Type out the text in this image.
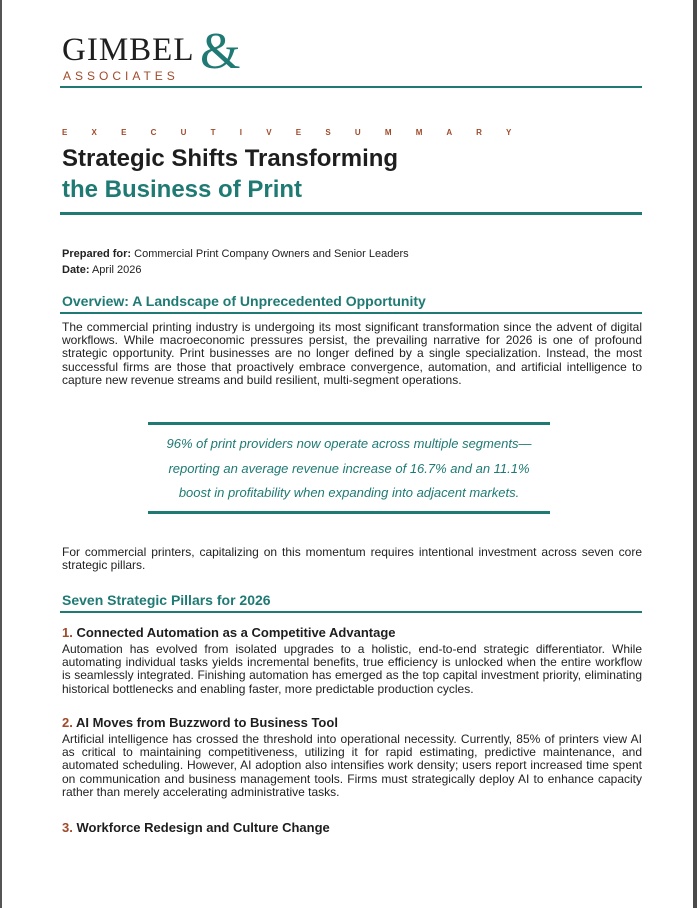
GIMBEL &
ASSOCIATES
E X E C U T I V E S U M M A R Y
Strategic Shifts Transforming
the Business of Print
Prepared for: Commercial Print Company Owners and Senior Leaders
Date: April 2026
Overview: A Landscape of Unprecedented Opportunity

The commercial printing industry is undergoing its most significant transformation since the advent of digital workflows. While macroeconomic pressures persist, the prevailing narrative for 2026 is one of profound strategic opportunity. Print businesses are no longer defined by a single specialization. Instead, the most successful firms are those that proactively embrace convergence, automation, and artificial intelligence to capture new revenue streams and build resilient, multi-segment operations.

96% of print providers now operate across multiple segments—
reporting an average revenue increase of 16.7% and an 11.1%
boost in profitability when expanding into adjacent markets.

For commercial printers, capitalizing on this momentum requires intentional investment across seven core strategic pillars.

Seven Strategic Pillars for 2026
1. Connected Automation as a Competitive Advantage

Automation has evolved from isolated upgrades to a holistic, end-to-end strategic differentiator. While automating individual tasks yields incremental benefits, true efficiency is unlocked when the entire workflow is seamlessly integrated. Finishing automation has emerged as the top capital investment priority, eliminating historical bottlenecks and enabling faster, more predictable production cycles.

2. AI Moves from Buzzword to Business Tool

Artificial intelligence has crossed the threshold into operational necessity. Currently, 85% of printers view AI as critical to maintaining competitiveness, utilizing it for rapid estimating, predictive maintenance, and automated scheduling. However, AI adoption also intensifies work density; users report increased time spent on communication and business management tools. Firms must strategically deploy AI to enhance capacity rather than merely accelerating administrative tasks.

3. Workforce Redesign and Culture Change
